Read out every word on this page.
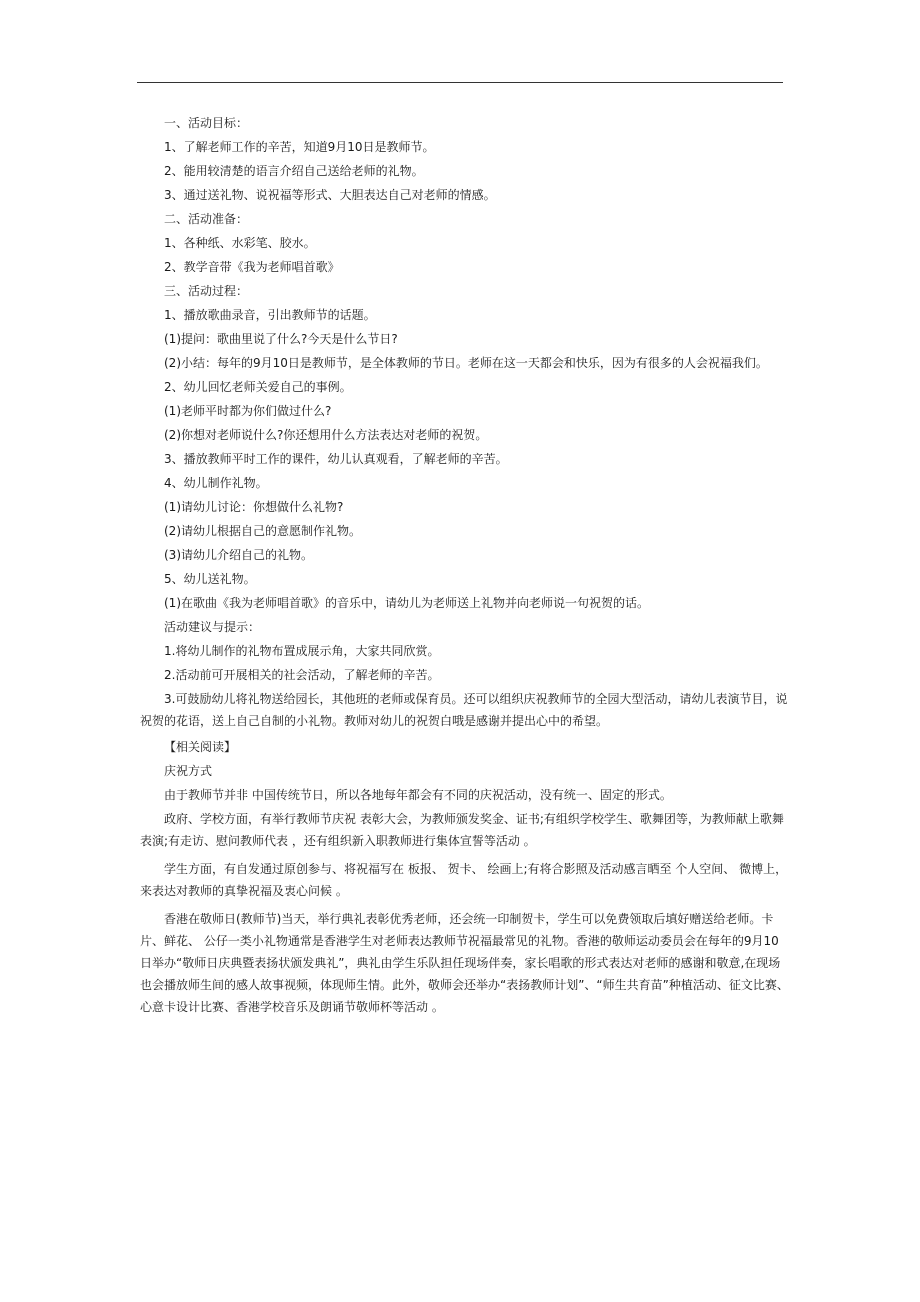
一、活动目标：
1、了解老师工作的辛苦，知道9月10日是教师节。
2、能用较清楚的语言介绍自己送给老师的礼物。
3、通过送礼物、说祝福等形式、大胆表达自己对老师的情感。
二、活动准备：
1、各种纸、水彩笔、胶水。
2、教学音带《我为老师唱首歌》
三、活动过程：
1、播放歌曲录音，引出教师节的话题。
(1)提问：歌曲里说了什么?今天是什么节日?
(2)小结：每年的9月10日是教师节，是全体教师的节日。老师在这一天都会和快乐，因为有很多的人会祝福我们。
2、幼儿回忆老师关爱自己的事例。
(1)老师平时都为你们做过什么?
(2)你想对老师说什么?你还想用什么方法表达对老师的祝贺。
3、播放教师平时工作的课件，幼儿认真观看，了解老师的辛苦。
4、幼儿制作礼物。
(1)请幼儿讨论：你想做什么礼物?
(2)请幼儿根据自己的意愿制作礼物。
(3)请幼儿介绍自己的礼物。
5、幼儿送礼物。
(1)在歌曲《我为老师唱首歌》的音乐中，请幼儿为老师送上礼物并向老师说一句祝贺的话。
活动建议与提示：
1.将幼儿制作的礼物布置成展示角，大家共同欣赏。
2.活动前可开展相关的社会活动，了解老师的辛苦。
3.可鼓励幼儿将礼物送给园长，其他班的老师或保育员。还可以组织庆祝教师节的全园大型活动，请幼儿表演节目，说祝贺的花语，送上自己自制的小礼物。教师对幼儿的祝贺白哦是感谢并提出心中的希望。
【相关阅读】
庆祝方式
由于教师节并非 中国传统节日，所以各地每年都会有不同的庆祝活动，没有统一、固定的形式。
政府、学校方面，有举行教师节庆祝 表彰大会，为教师颁发奖金、证书;有组织学校学生、歌舞团等，为教师献上歌舞表演;有走访、慰问教师代表 ，还有组织新入职教师进行集体宣誓等活动 。
学生方面，有自发通过原创参与、将祝福写在 板报、 贺卡、 绘画上;有将合影照及活动感言晒至 个人空间、 微博上，来表达对教师的真挚祝福及衷心问候 。
香港在敬师日(教师节)当天，举行典礼表彰优秀老师，还会统一印制贺卡，学生可以免费领取后填好赠送给老师。卡片、鲜花、 公仔一类小礼物通常是香港学生对老师表达教师节祝福最常见的礼物。香港的敬师运动委员会在每年的9月10日举办“敬师日庆典暨表扬状颁发典礼”，典礼由学生乐队担任现场伴奏，家长唱歌的形式表达对老师的感谢和敬意,在现场也会播放师生间的感人故事视频，体现师生情。此外，敬师会还举办“表扬教师计划”、“师生共育苗”种植活动、征文比赛、心意卡设计比赛、香港学校音乐及朗诵节敬师杯等活动 。
